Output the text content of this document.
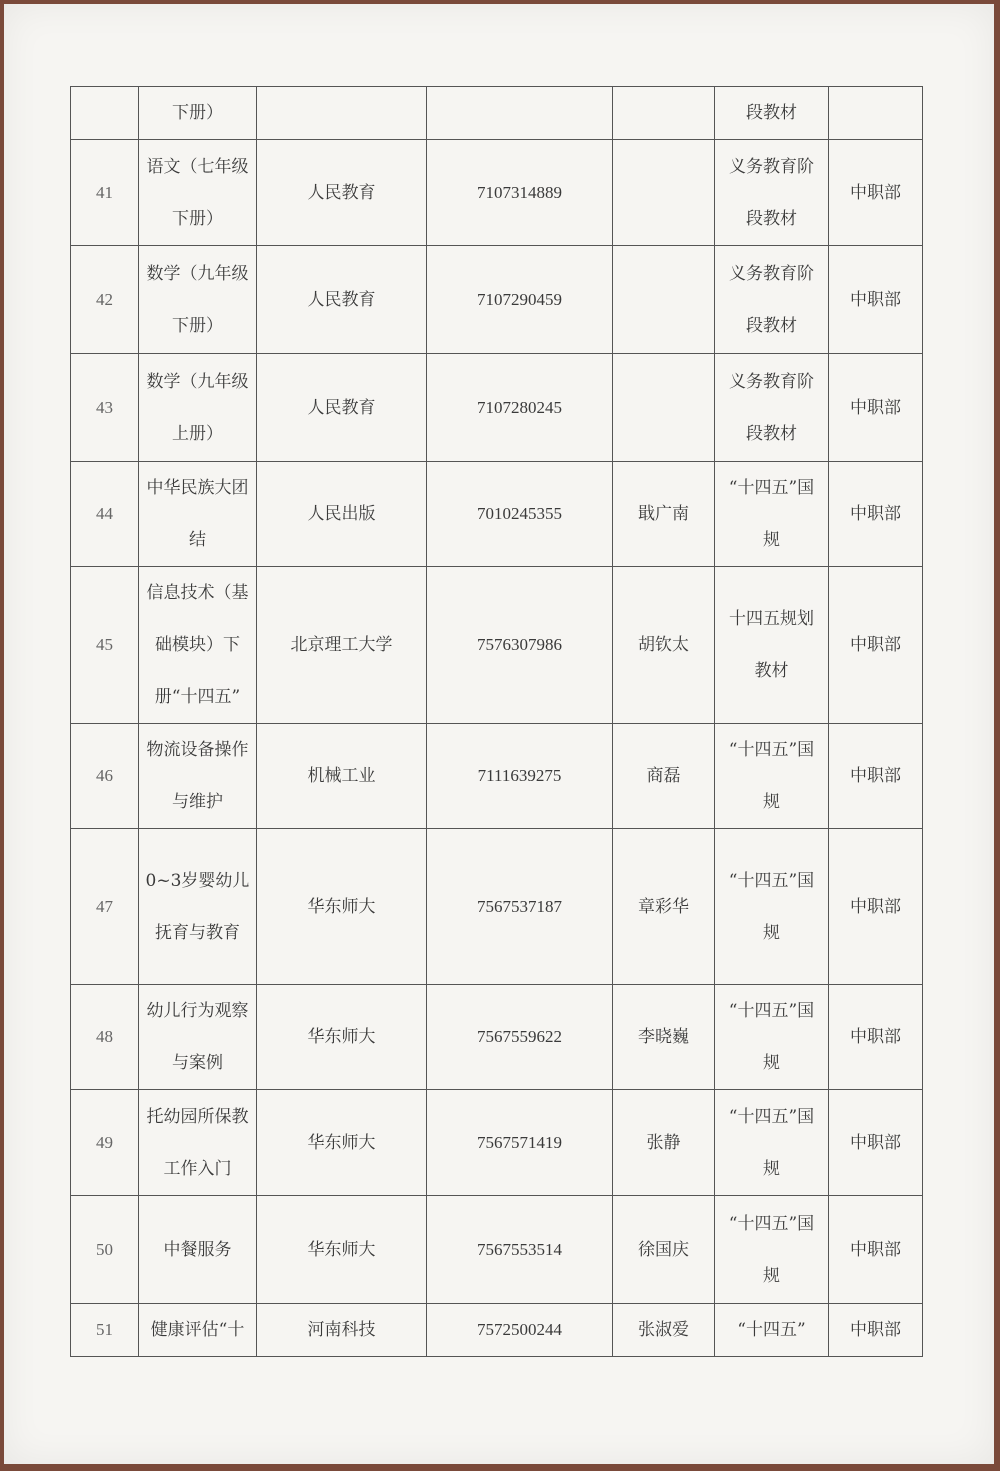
	下册）				段教材	
41	语文（七年级下册）	人民教育	7107314889		义务教育阶段教材	中职部
42	数学（九年级下册）	人民教育	7107290459		义务教育阶段教材	中职部
43	数学（九年级上册）	人民教育	7107280245		义务教育阶段教材	中职部
44	中华民族大团结	人民出版	7010245355	戢广南	“十四五”国规	中职部
45	信息技术（基础模块）下册“十四五”	北京理工大学	7576307986	胡钦太	十四五规划教材	中职部
46	物流设备操作与维护	机械工业	7111639275	商磊	“十四五”国规	中职部
47	0~3岁婴幼儿抚育与教育	华东师大	7567537187	章彩华	“十四五”国规	中职部
48	幼儿行为观察与案例	华东师大	7567559622	李晓巍	“十四五”国规	中职部
49	托幼园所保教工作入门	华东师大	7567571419	张静	“十四五”国规	中职部
50	中餐服务	华东师大	7567553514	徐国庆	“十四五”国规	中职部
51	健康评估“十	河南科技	7572500244	张淑爱	“十四五”	中职部
